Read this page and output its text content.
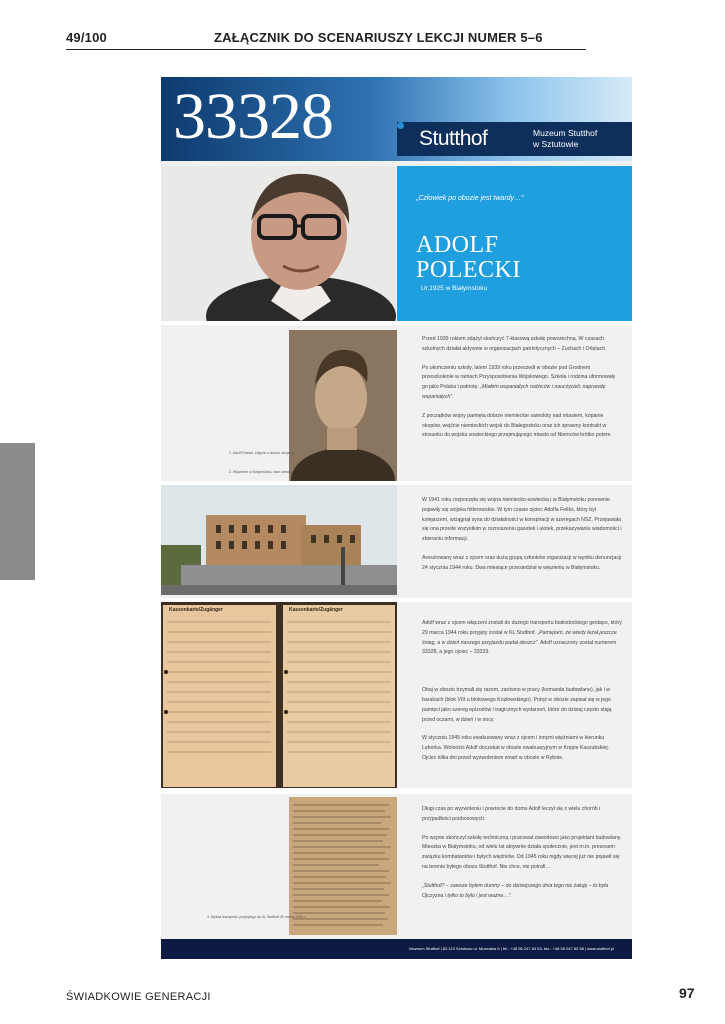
49/100	ZAŁĄCZNIK DO SCENARIUSZY LEKCJI NUMER 5–6
33328	Stutthof	Muzeum Stutthof
w Sztutowie
„Człowiek po obozie jest twardy…”
ADOLF
POLECKI
Ur.1925 w Białymstoku
1. Adolf Polecki, zdjęcie z okresu okupacji
2. Więzienie w Białymstoku, stan obecny

Przed 1939 rokiem zdążył skończyć 7-klasową szkołę powszechną. W czasach szkolnych działał aktywnie w organizacjach patriotycznych – Zuchach i Orlętach.

Po ukończeniu szkoły, latem 1939 roku przeszedł w obozie pod Grodnem przeszkolenie w ramach Przysposobienia Wojskowego. Szkoła i rodzina uformowały go jako Polaka i patriotę. „Miałem wspaniałych rodziców i nauczycieli, naprawdę wspaniałych”.

Z początków wojny pamięta dobrze niemieckie samoloty nad miastem, kopanie okopów, wejście niemieckich wojsk do Białegostoku oraz ich sprawny kontrakt w stosunku do wojska sowieckiego przejmującego miasto od Niemców krótko potem.

W 1941 roku rozpoczęła się wojna niemiecko-sowiecka i w Białymstoku ponownie pojawiły się wojska hitlerowskie. W tym czasie ojciec Adolfa Feliks, który był kolejarzem, wciągnął syna do działalności w konspiracji w szeregach NSZ. Przejawiała się ona przede wszystkim w roznoszeniu gazetek i ulotek, przekazywaniu wiadomości i zbieraniu informacji.

Aresztowany wraz z ojcem oraz dużą grupą członków organizacji w wyniku denuncjacji 24 stycznia 1944 roku. Dwa miesiące przesiedział w więzieniu w Białymstoku.

Kassenkarte/Zugänger	Kassenkarte/Zugänger

Adolf wraz z ojcem włączeni zostali do dużego transportu białostockiego gestapo, który 29 marca 1944 roku przyjęty został w KL Stutthof. „Pamiętam, że wtedy leżał jeszcze śnieg, a w dzień naszego przyjazdu padał deszcz”. Adolf uznaczony został numerem 33328, a jego ojciec – 33329.

Obaj w obozie trzymali się razem, zarówno w pracy (komanda budowlane), jak i w barakach (blok VIII u blokowego Kozłowskiego). Pobyt w obozie zapisał się w jego pamięci jako szereg epizodów i tragicznych wydarzeń, które do dzisiaj często stają przed oczami, w dzień i w nocy.

W styczniu 1945 roku ewakuowany wraz z ojcem i innymi więźniami w kierunku Lęborka. Wolności Adolf doczekał w obozie ewakuacyjnym w Krępie Kaszubskiej. Ojciec kilka dni przed wyzwoleniem zmarł w obozie w Rybnie.

4. Wykaz transportu przybyłego do KL Stutthof 29 marca 1944 r.

Długi czas po wyzwoleniu i powrocie do domu Adolf leczył się z wielu chorób i przypadłości poobozowych.

Po wojnie skończył szkołę techniczną i pracował zawodowo jako projektant budowlany. Mieszka w Białymstoku, od wielu lat aktywnie działa społecznie, jest m.in. prezesem związku kombatantów i byłych więźniów. Od 1945 roku nigdy więcej już nie pojawił się na terenie byłego obozu Stutthof. Nie chce, nie potrafi…

„Stutthof? – zawsze byłem dumny – do dzisiejszego dnia tego nie żałuję – to była Ojczyzna i tylko to było i jest ważne…”.

Muzeum Stutthof | 82-110 Sztutowo ul. Muzealna 6 | tel.: +48 55 247 83 53, fax.: +48 55 247 83 58 | www.stutthof.pl
ŚWIADKOWIE GENERACJI	97
